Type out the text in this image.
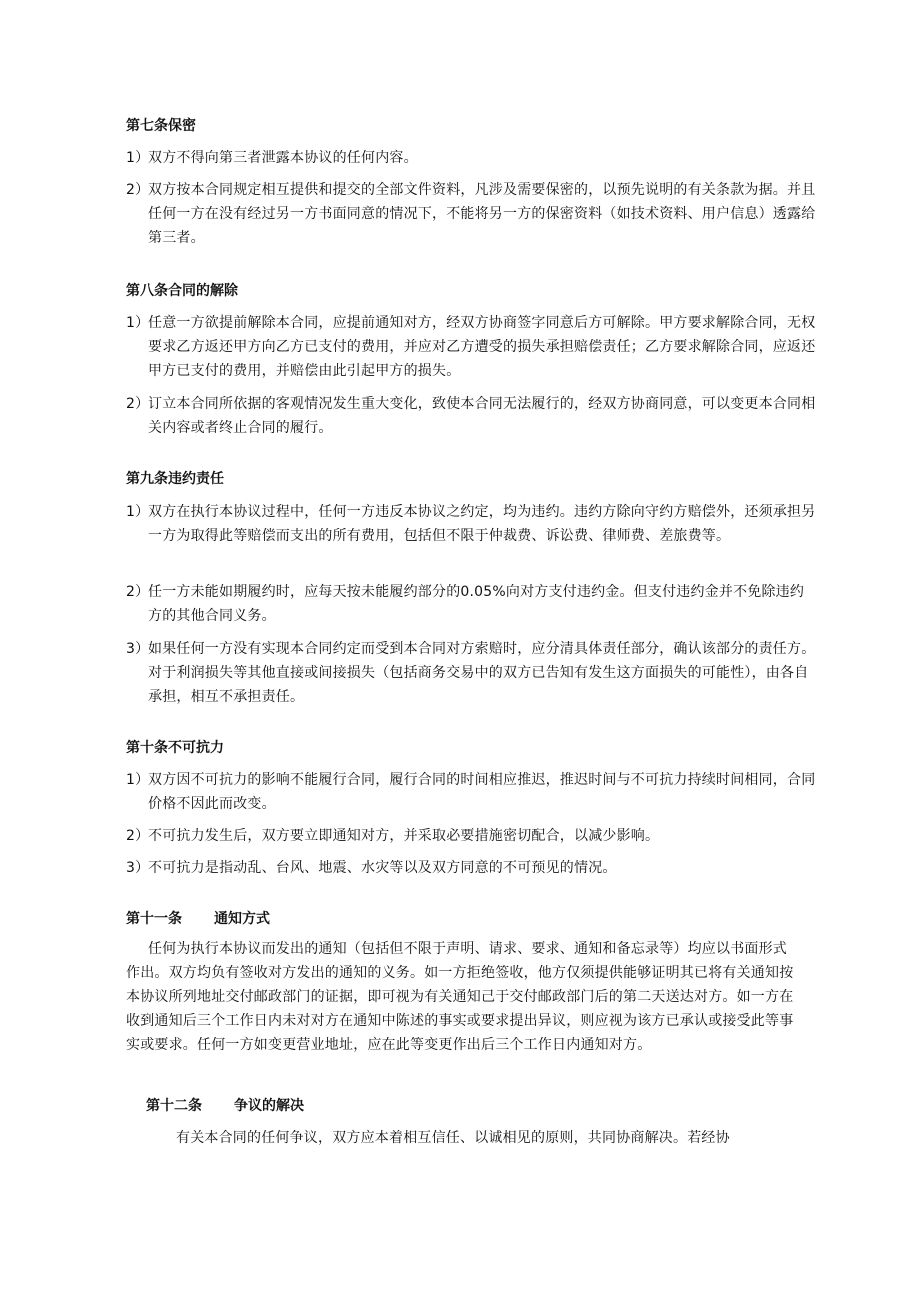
第七条保密
1）双方不得向第三者泄露本协议的任何内容。
2）双方按本合同规定相互提供和提交的全部文件资料，凡涉及需要保密的，以预先说明的有关条款为据。并且任何一方在没有经过另一方书面同意的情况下，不能将另一方的保密资料（如技术资料、用户信息）透露给第三者。
第八条合同的解除
1）任意一方欲提前解除本合同，应提前通知对方，经双方协商签字同意后方可解除。甲方要求解除合同，无权要求乙方返还甲方向乙方已支付的费用，并应对乙方遭受的损失承担赔偿责任；乙方要求解除合同，应返还甲方已支付的费用，并赔偿由此引起甲方的损失。
2）订立本合同所依据的客观情况发生重大变化，致使本合同无法履行的，经双方协商同意，可以变更本合同相关内容或者终止合同的履行。
第九条违约责任
1）双方在执行本协议过程中，任何一方违反本协议之约定，均为违约。违约方除向守约方赔偿外，还须承担另一方为取得此等赔偿而支出的所有费用，包括但不限于仲裁费、诉讼费、律师费、差旅费等。
2）任一方未能如期履约时，应每天按未能履约部分的0.05%向对方支付违约金。但支付违约金并不免除违约方的其他合同义务。
3）如果任何一方没有实现本合同约定而受到本合同对方索赔时，应分清具体责任部分，确认该部分的责任方。对于利润损失等其他直接或间接损失（包括商务交易中的双方已告知有发生这方面损失的可能性），由各自承担，相互不承担责任。
第十条不可抗力
1）双方因不可抗力的影响不能履行合同，履行合同的时间相应推迟，推迟时间与不可抗力持续时间相同，合同价格不因此而改变。
2）不可抗力发生后，双方要立即通知对方，并采取必要措施密切配合，以减少影响。
3）不可抗力是指动乱、台风、地震、水灾等以及双方同意的不可预见的情况。
第十一条 通知方式
任何为执行本协议而发出的通知（包括但不限于声明、请求、要求、通知和备忘录等）均应以书面形式作出。双方均负有签收对方发出的通知的义务。如一方拒绝签收，他方仅须提供能够证明其已将有关通知按本协议所列地址交付邮政部门的证据，即可视为有关通知己于交付邮政部门后的第二天送达对方。如一方在收到通知后三个工作日内未对对方在通知中陈述的事实或要求提出异议，则应视为该方已承认或接受此等事实或要求。任何一方如变更营业地址，应在此等变更作出后三个工作日内通知对方。
第十二条 争议的解决
有关本合同的任何争议，双方应本着相互信任、以诚相见的原则，共同协商解决。若经协
